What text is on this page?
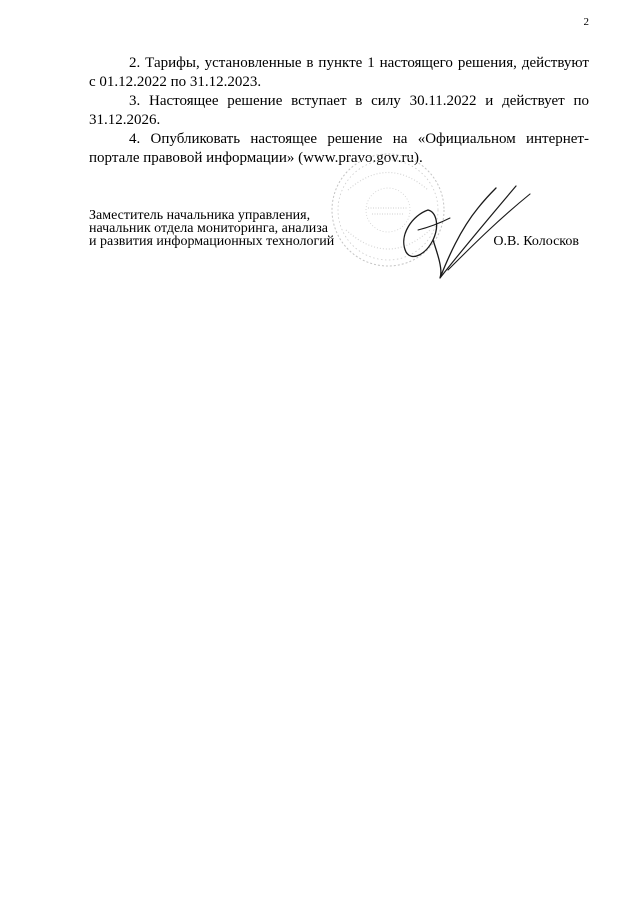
2

2. Тарифы, установленные в пункте 1 настоящего решения, действуют с 01.12.2022 по 31.12.2023.

3. Настоящее решение вступает в силу 30.11.2022 и действует по 31.12.2026.

4. Опубликовать настоящее решение на «Официальном интернет-портале правовой информации» (www.pravo.gov.ru).

Заместитель начальника управления,
начальник отдела мониторинга, анализа
и развития информационных технологий	О.В. Колосков
